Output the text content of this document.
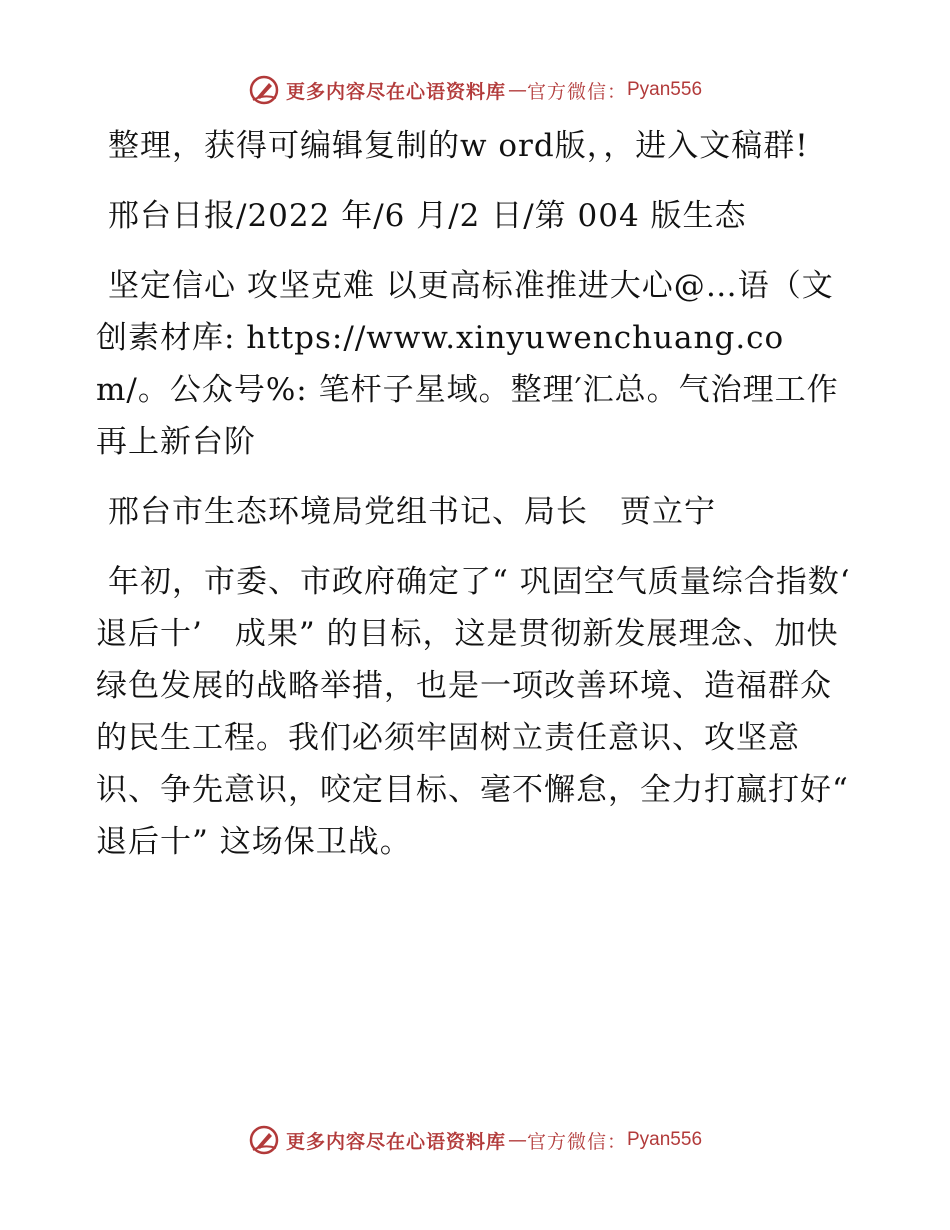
更多内容尽在心语资料库 — 官方微信： Pyan556

整理，获得可编辑复制的w ord版，，进入文稿群!

邢台日报/2022 年/6 月/2 日/第 004 版生态

坚定信心 攻坚克难 以更高标准推进大心@…语（文创素材库: https://www.xinyuwenchuang.com/。公众号%: 笔杆子星域。整理′汇总。气治理工作再上新台阶

邢台市生态环境局党组书记、局长　贾立宁

年初，市委、市政府确定了“ 巩固空气质量综合指数‘ 退后十’　成果” 的目标，这是贯彻新发展理念、加快绿色发展的战略举措，也是一项改善环境、造福群众的民生工程。我们必须牢固树立责任意识、攻坚意识、争先意识，咬定目标、毫不懈怠，全力打赢打好“ 退后十” 这场保卫战。

更多内容尽在心语资料库 — 官方微信： Pyan556
